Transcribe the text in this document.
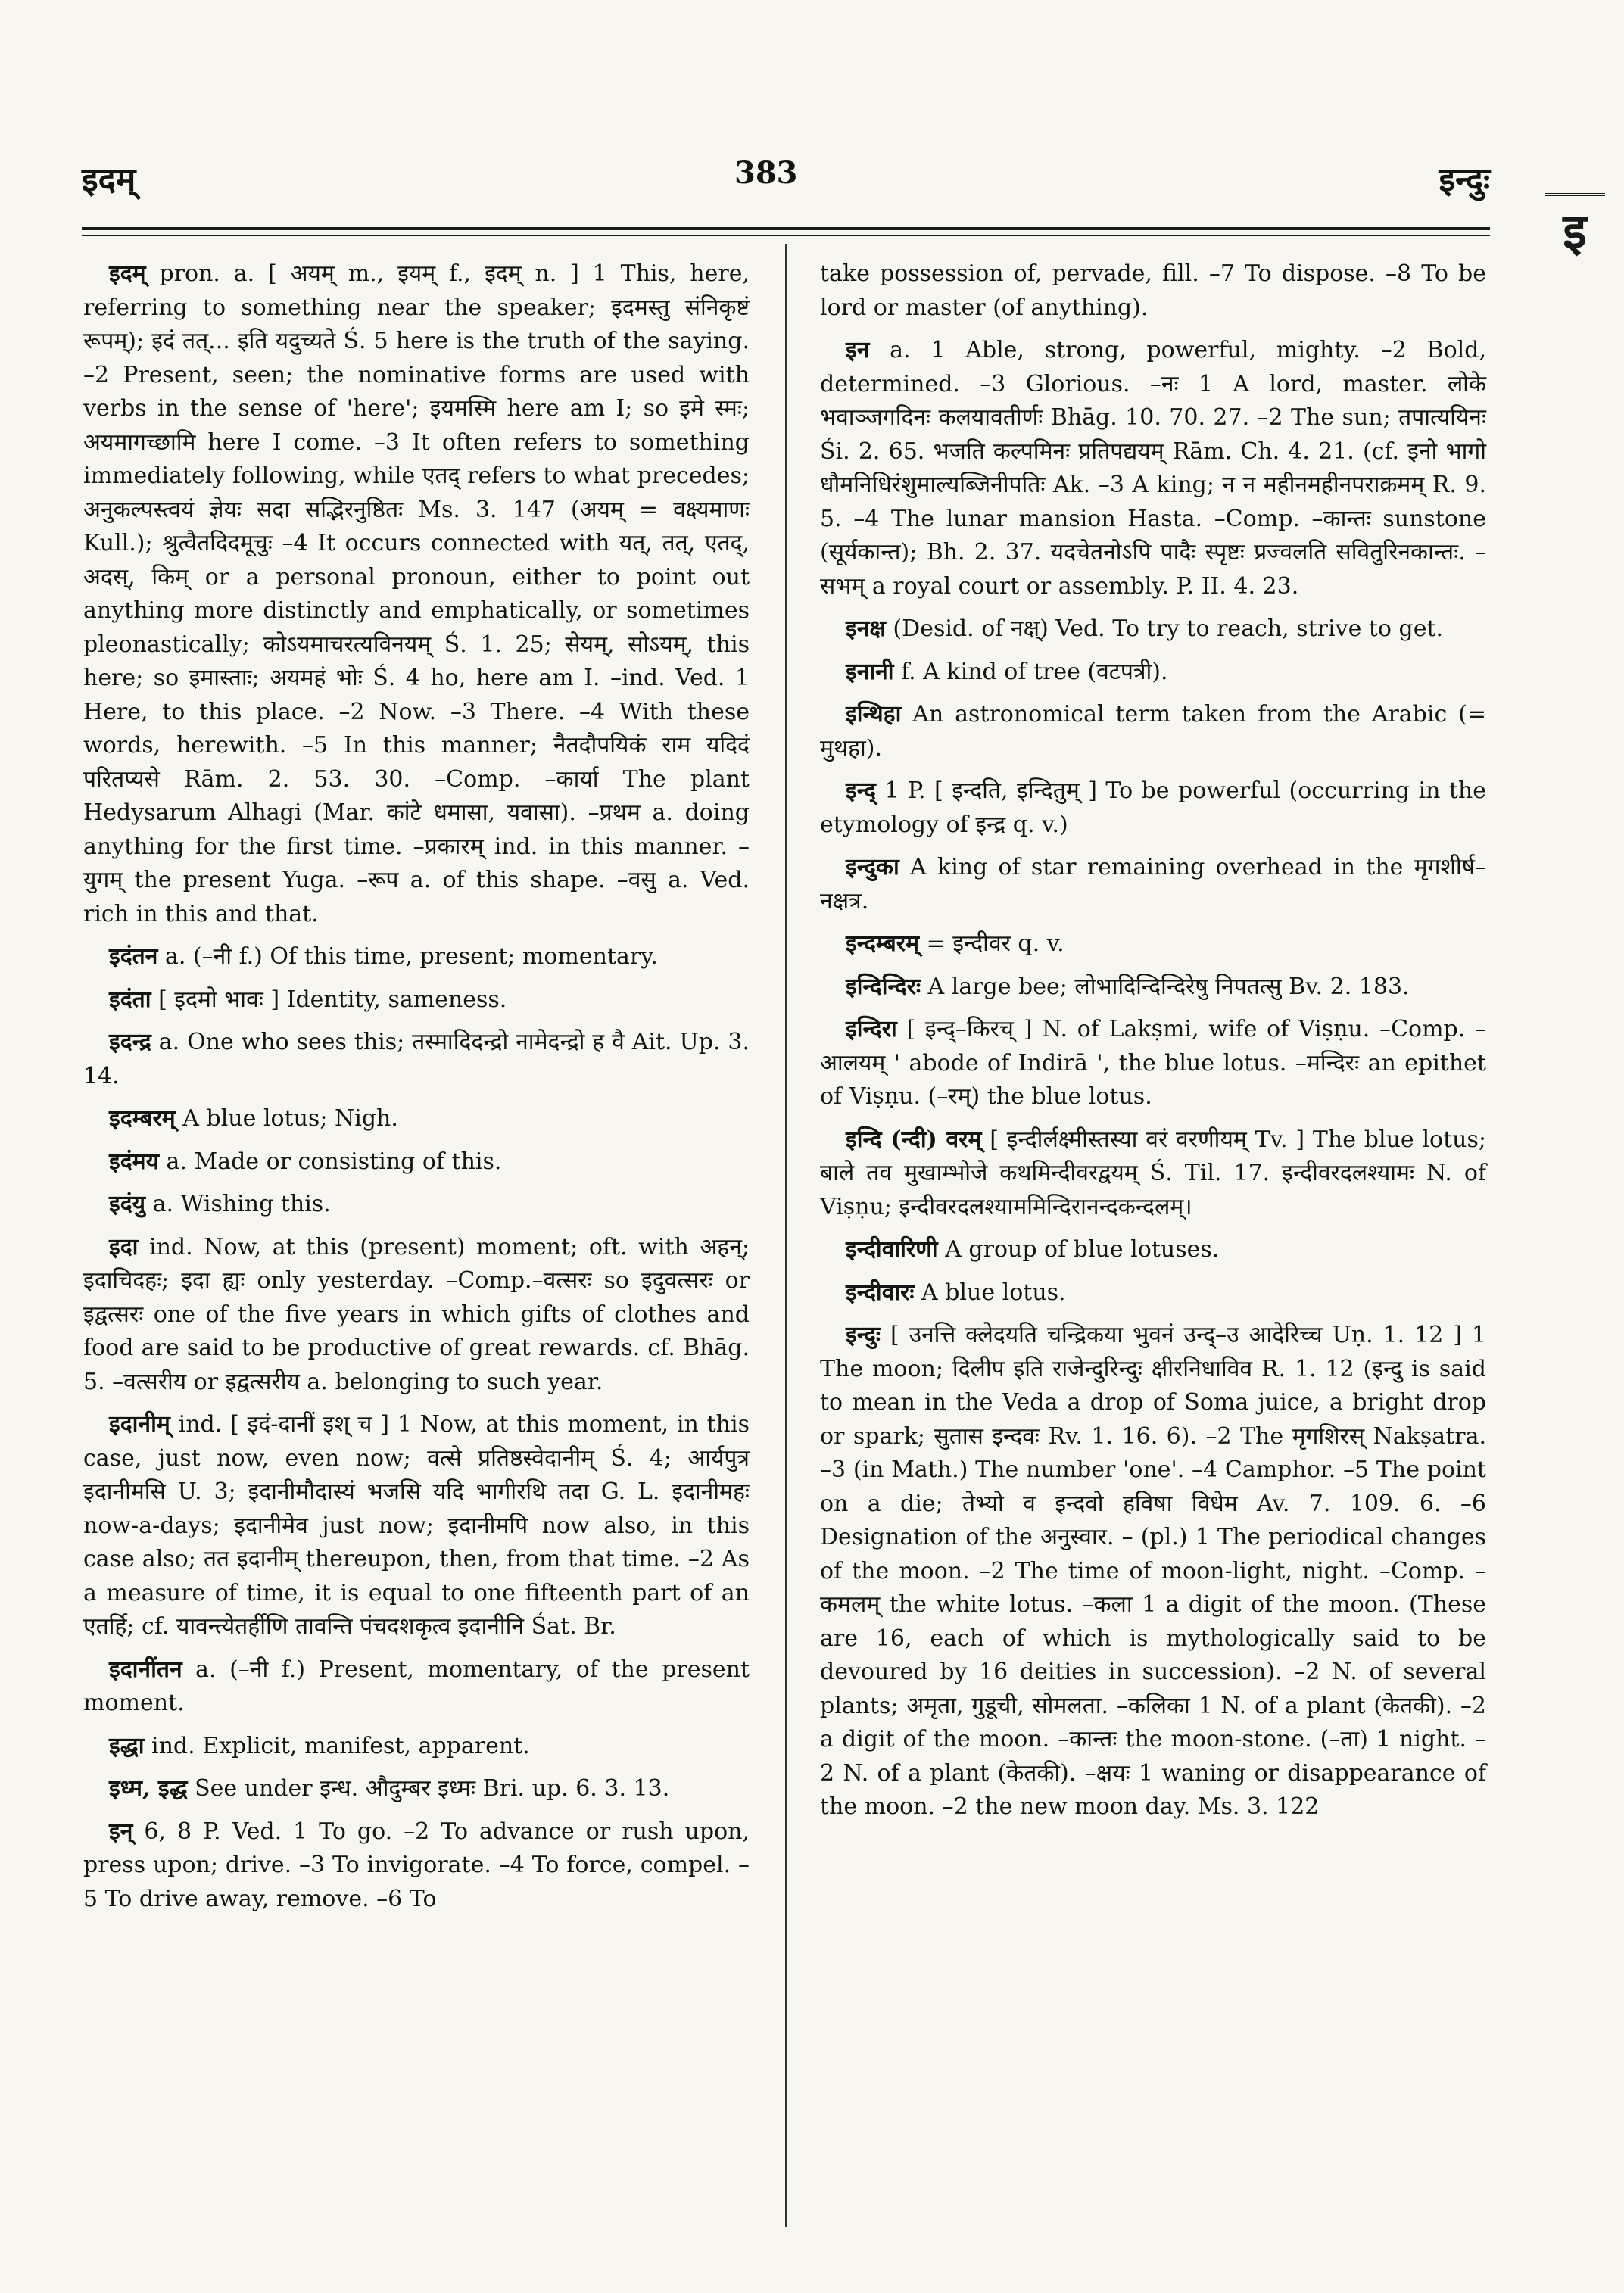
इदम्	383	इन्दुः
इ

इदम् pron. a. [ अयम् m., इयम् f., इदम् n. ] 1 This, here, referring to something near the speaker; इदमस्तु संनिकृष्टं रूपम्); इदं तत्... इति यदुच्यते Ś. 5 here is the truth of the saying. –2 Present, seen; the nominative forms are used with verbs in the sense of 'here'; इयमस्मि here am I; so इमे स्मः; अयमागच्छामि here I come. –3 It often refers to something immediately following, while एतद् refers to what precedes; अनुकल्पस्त्वयं ज्ञेयः सदा सद्भिरनुष्ठितः Ms. 3. 147 (अयम् = वक्ष्यमाणः Kull.); श्रुत्वैतदिदमूचुः –4 It occurs connected with यत्, तत्, एतद्, अदस्, किम् or a personal pronoun, either to point out anything more distinctly and emphatically, or sometimes pleonastically; कोऽयमाचरत्यविनयम् Ś. 1. 25; सेयम्, सोऽयम्, this here; so इमास्ताः; अयमहं भोः Ś. 4 ho, here am I. –ind. Ved. 1 Here, to this place. –2 Now. –3 There. –4 With these words, herewith. –5 In this manner; नैतदौपयिकं राम यदिदं परितप्यसे Rām. 2. 53. 30. –Comp. –कार्या The plant Hedysarum Alhagi (Mar. कांटे धमासा, यवासा). –प्रथम a. doing anything for the first time. –प्रकारम् ind. in this manner. –युगम् the present Yuga. –रूप a. of this shape. –वसु a. Ved. rich in this and that.

इदंतन a. (–नी f.) Of this time, present; momentary.

इदंता [ इदमो भावः ] Identity, sameness.

इदन्द्र a. One who sees this; तस्मादिदन्द्रो नामेदन्द्रो ह वै Ait. Up. 3. 14.

इदम्बरम् A blue lotus; Nigh.

इदंमय a. Made or consisting of this.

इदंयु a. Wishing this.

इदा ind. Now, at this (present) moment; oft. with अहन्; इदाचिदहः; इदा ह्यः only yesterday. –Comp.–वत्सरः so इदुवत्सरः or इद्वत्सरः one of the five years in which gifts of clothes and food are said to be productive of great rewards. cf. Bhāg. 5. –वत्सरीय or इद्वत्सरीय a. belonging to such year.

इदानीम् ind. [ इदं-दानीं इश् च ] 1 Now, at this moment, in this case, just now, even now; वत्से प्रतिष्ठस्वेदानीम् Ś. 4; आर्यपुत्र इदानीमसि U. 3; इदानीमौदास्यं भजसि यदि भागीरथि तदा G. L. इदानीमहः now-a-days; इदानीमेव just now; इदानीमपि now also, in this case also; तत इदानीम् thereupon, then, from that time. –2 As a measure of time, it is equal to one fifteenth part of an एतर्हि; cf. यावन्त्येतर्हीणि तावन्ति पंचदशकृत्व इदानीनि Śat. Br.

इदानींतन a. (–नी f.) Present, momentary, of the present moment.

इद्धा ind. Explicit, manifest, apparent.

इध्म, इद्ध See under इन्ध. औदुम्बर इध्मः Bri. up. 6. 3. 13.

इन् 6, 8 P. Ved. 1 To go. –2 To advance or rush upon, press upon; drive. –3 To invigorate. –4 To force, compel. –5 To drive away, remove. –6 To

take possession of, pervade, fill. –7 To dispose. –8 To be lord or master (of anything).

इन a. 1 Able, strong, powerful, mighty. –2 Bold, determined. –3 Glorious. –नः 1 A lord, master. लोके भवाञ्जगदिनः कलयावतीर्णः Bhāg. 10. 70. 27. –2 The sun; तपात्ययिनः Śi. 2. 65. भजति कल्पमिनः प्रतिपद्ययम् Rām. Ch. 4. 21. (cf. इनो भागो धौमनिधिरंशुमाल्यब्जिनीपतिः Ak. –3 A king; न न महीनमहीनपराक्रमम् R. 9. 5. –4 The lunar mansion Hasta. –Comp. –कान्तः sunstone (सूर्यकान्त); Bh. 2. 37. यदचेतनोऽपि पादैः स्पृष्टः प्रज्वलति सवितुरिनकान्तः. –सभम् a royal court or assembly. P. II. 4. 23.

इनक्ष (Desid. of नक्ष्) Ved. To try to reach, strive to get.

इनानी f. A kind of tree (वटपत्री).

इन्थिहा An astronomical term taken from the Arabic (= मुथहा).

इन्द् 1 P. [ इन्दति, इन्दितुम् ] To be powerful (occurring in the etymology of इन्द्र q. v.)

इन्दुका A king of star remaining overhead in the मृगशीर्ष–नक्षत्र.

इन्दम्बरम् = इन्दीवर q. v.

इन्दिन्दिरः A large bee; लोभादिन्दिन्दिरेषु निपतत्सु Bv. 2. 183.

इन्दिरा [ इन्द्–किरच् ] N. of Lakṣmi, wife of Viṣṇu. –Comp. –आलयम् ' abode of Indirā ', the blue lotus. –मन्दिरः an epithet of Viṣṇu. (–रम्) the blue lotus.

इन्दि (न्दी) वरम् [ इन्दीर्लक्ष्मीस्तस्या वरं वरणीयम् Tv. ] The blue lotus; बाले तव मुखाम्भोजे कथमिन्दीवरद्वयम् Ś. Til. 17. इन्दीवरदलश्यामः N. of Viṣṇu; इन्दीवरदलश्याममिन्दिरानन्दकन्दलम्।

इन्दीवारिणी A group of blue lotuses.

इन्दीवारः A blue lotus.

इन्दुः [ उनत्ति क्लेदयति चन्द्रिकया भुवनं उन्द्–उ आदेरिच्च Uṇ. 1. 12 ] 1 The moon; दिलीप इति राजेन्दुरिन्दुः क्षीरनिधाविव R. 1. 12 (इन्दु is said to mean in the Veda a drop of Soma juice, a bright drop or spark; सुतास इन्दवः Rv. 1. 16. 6). –2 The मृगशिरस् Nakṣatra. –3 (in Math.) The number 'one'. –4 Camphor. –5 The point on a die; तेभ्यो व इन्दवो हविषा विधेम Av. 7. 109. 6. –6 Designation of the अनुस्वार. – (pl.) 1 The periodical changes of the moon. –2 The time of moon-light, night. –Comp. –कमलम् the white lotus. –कला 1 a digit of the moon. (These are 16, each of which is mythologically said to be devoured by 16 deities in succession). –2 N. of several plants; अमृता, गुडूची, सोमलता. –कलिका 1 N. of a plant (केतकी). –2 a digit of the moon. –कान्तः the moon-stone. (–ता) 1 night. –2 N. of a plant (केतकी). –क्षयः 1 waning or disappearance of the moon. –2 the new moon day. Ms. 3. 122
